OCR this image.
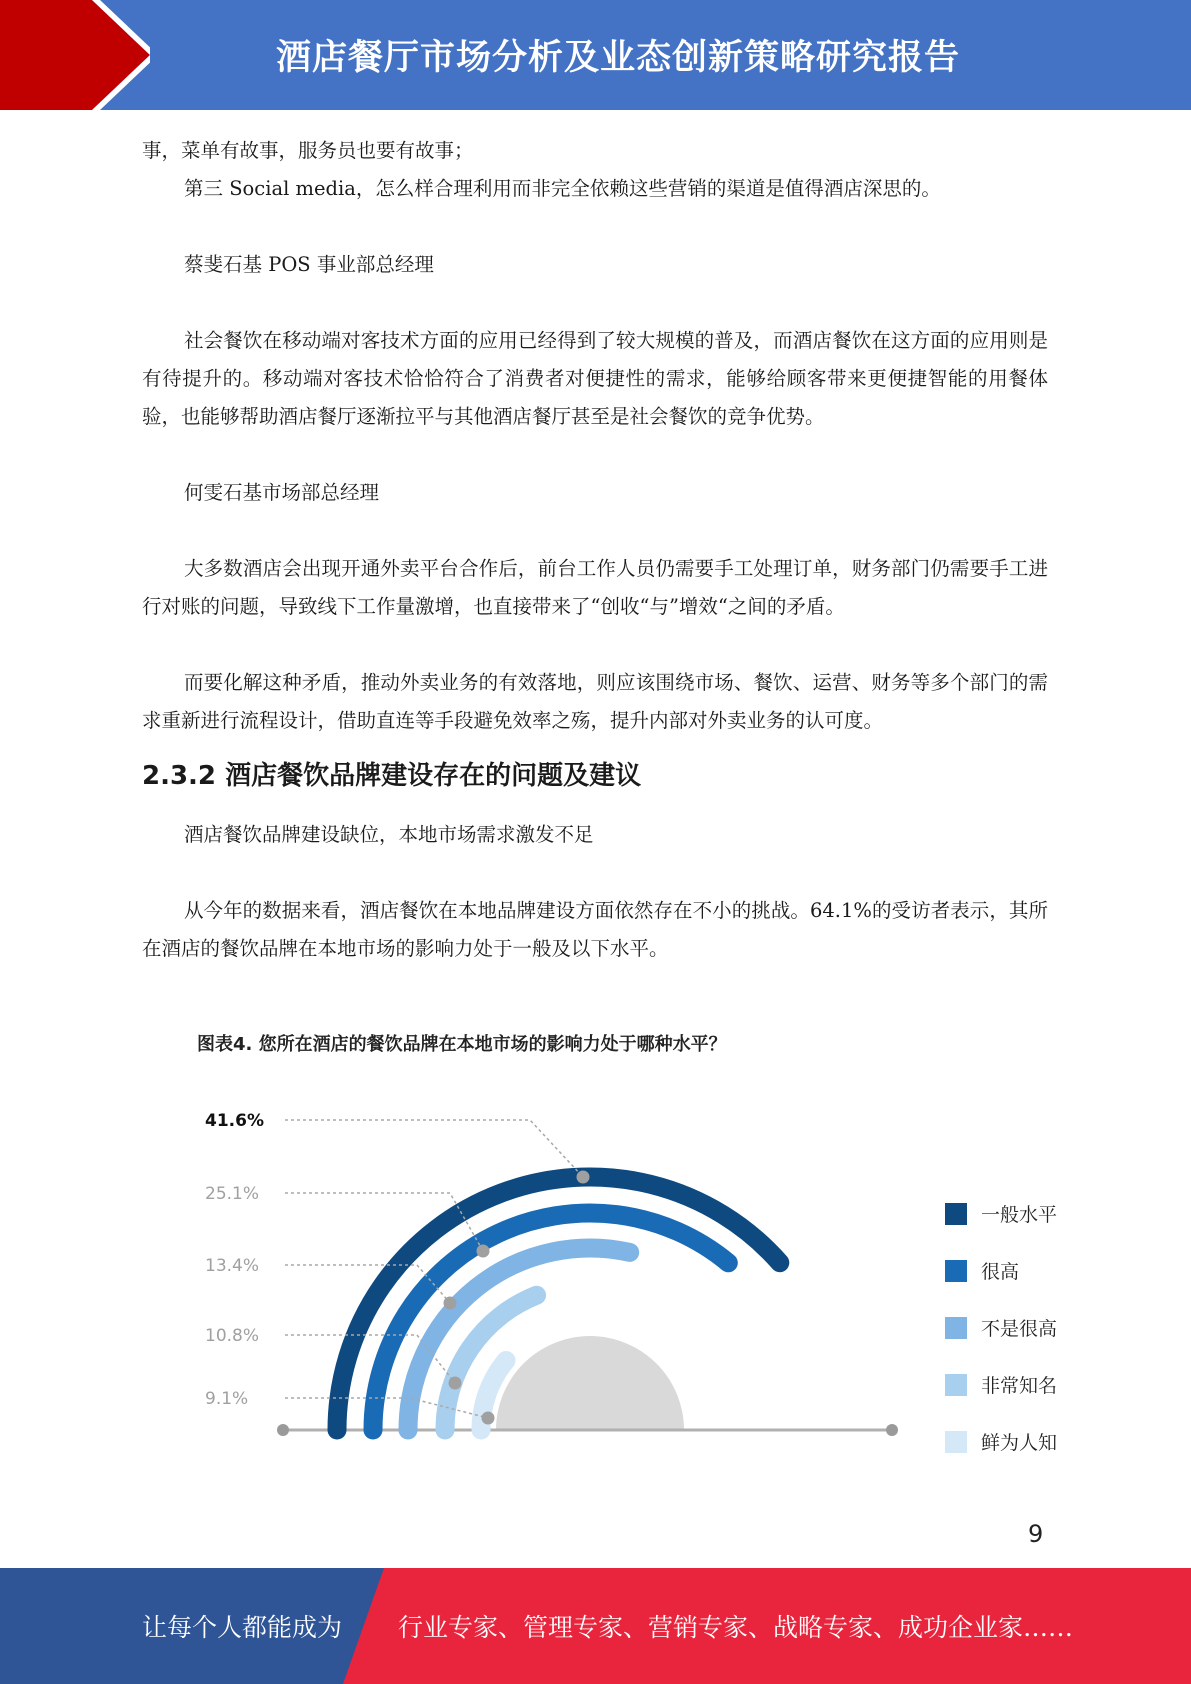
酒店餐厅市场分析及业态创新策略研究报告

事，菜单有故事，服务员也要有故事；

第三 Social media，怎么样合理利用而非完全依赖这些营销的渠道是值得酒店深思的。

蔡斐石基 POS 事业部总经理

社会餐饮在移动端对客技术方面的应用已经得到了较大规模的普及，而酒店餐饮在这方面的应用则是有待提升的。移动端对客技术恰恰符合了消费者对便捷性的需求，能够给顾客带来更便捷智能的用餐体验，也能够帮助酒店餐厅逐渐拉平与其他酒店餐厅甚至是社会餐饮的竞争优势。

何雯石基市场部总经理

大多数酒店会出现开通外卖平台合作后，前台工作人员仍需要手工处理订单，财务部门仍需要手工进行对账的问题，导致线下工作量激增，也直接带来了“创收“与”增效“之间的矛盾。

而要化解这种矛盾，推动外卖业务的有效落地，则应该围绕市场、餐饮、运营、财务等多个部门的需求重新进行流程设计，借助直连等手段避免效率之殇，提升内部对外卖业务的认可度。

2.3.2 酒店餐饮品牌建设存在的问题及建议

酒店餐饮品牌建设缺位，本地市场需求激发不足

从今年的数据来看，酒店餐饮在本地品牌建设方面依然存在不小的挑战。64.1%的受访者表示，其所在酒店的餐饮品牌在本地市场的影响力处于一般及以下水平。

41.6%
25.1%
13.4%
10.8%
9.1%
图表4. 您所在酒店的餐饮品牌在本地市场的影响力处于哪种水平？
一般水平
很高
不是很高
非常知名
鲜为人知
9
让每个人都能成为 行业专家、管理专家、营销专家、战略专家、成功企业家……
